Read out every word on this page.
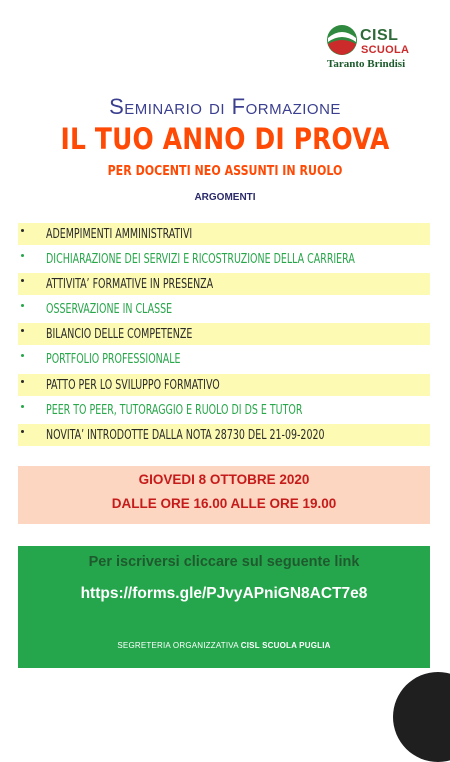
CISL
SCUOLA
Taranto Brindisi
Seminario di Formazione
IL TUO ANNO DI PROVA
PER DOCENTI NEO ASSUNTI IN RUOLO
ARGOMENTI
ADEMPIMENTI AMMINISTRATIVI
DICHIARAZIONE DEI SERVIZI E RICOSTRUZIONE DELLA CARRIERA
ATTIVITA’ FORMATIVE IN PRESENZA
OSSERVAZIONE IN CLASSE
BILANCIO DELLE COMPETENZE
PORTFOLIO PROFESSIONALE
PATTO PER LO SVILUPPO FORMATIVO
PEER TO PEER, TUTORAGGIO E RUOLO DI DS E TUTOR
NOVITA’ INTRODOTTE DALLA NOTA 28730 DEL 21-09-2020
GIOVEDI 8 OTTOBRE 2020
DALLE ORE 16.00 ALLE ORE 19.00
Per iscriversi cliccare sul seguente link
https://forms.gle/PJvyAPniGN8ACT7e8
SEGRETERIA ORGANIZZATIVA CISL SCUOLA PUGLIA
